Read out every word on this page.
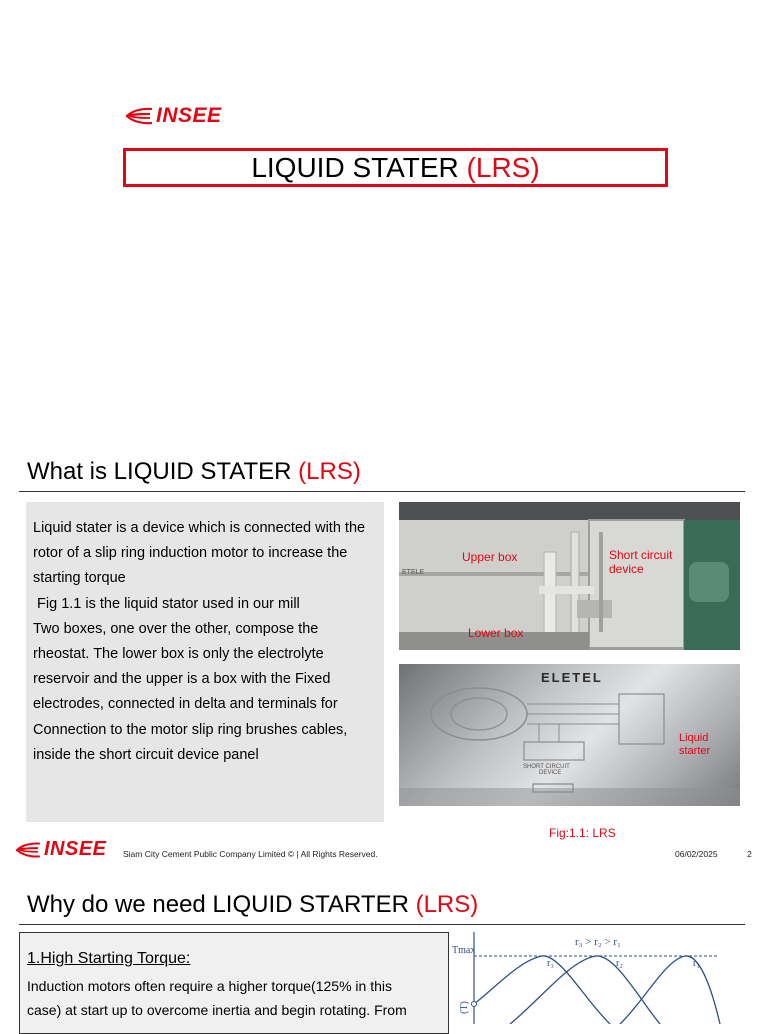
INSEE
LIQUID STATER (LRS)
What is LIQUID STATER (LRS)
Liquid stater is a device which is connected with the
rotor of a slip ring induction motor to increase the
starting torque
Fig 1.1 is the liquid stator used in our mill
Two boxes, one over the other, compose the
rheostat. The lower box is only the electrolyte
reservoir and the upper is a box with the Fixed
electrodes, connected in delta and terminals for
Connection to the motor slip ring brushes cables,
inside the short circuit device panel
ETELE
Upper box	Short circuit
device
Lower box
ELETEL
SHORT CIRCUIT
DEVICE
Liquid
starter
Fig:1.1: LRS
INSEE Siam City Cement Public Company Limited © | All Rights Reserved.	06/02/2025	2
Why do we need LIQUID STARTER (LRS)
1.High Starting Torque:
Induction motors often require a higher torque(125% in this
case) at start up to overcome inertia and begin rotating. From
r₃ > r₂ > r₁
Tmax
r₃	r₂	r₁
(T)
